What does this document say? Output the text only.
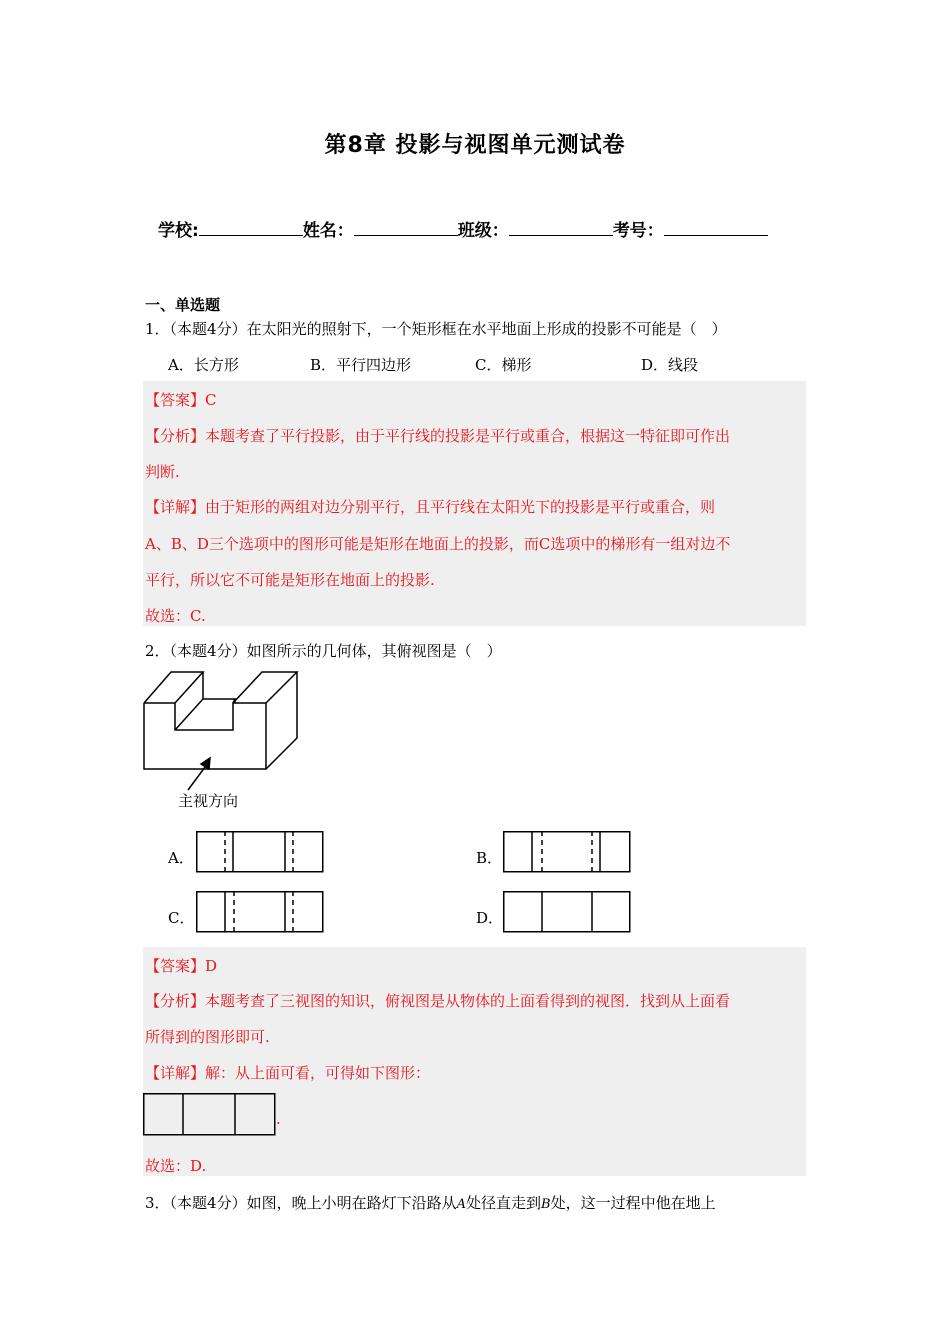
第8章 投影与视图单元测试卷
学校:	姓名：	班级：	考号：
一、单选题
1．（本题4分）在太阳光的照射下，一个矩形框在水平地面上形成的投影不可能是（　）
A．长方形	B．平行四边形	C．梯形	D．线段
【答案】C
【分析】本题考查了平行投影，由于平行线的投影是平行或重合，根据这一特征即可作出
判断.
【详解】由于矩形的两组对边分别平行，且平行线在太阳光下的投影是平行或重合，则
A、B、D三个选项中的图形可能是矩形在地面上的投影，而C选项中的梯形有一组对边不
平行，所以它不可能是矩形在地面上的投影.
故选：C.
2．（本题4分）如图所示的几何体，其俯视图是（　）
主视方向
A．	B．
C．	D．
【答案】D
【分析】本题考查了三视图的知识，俯视图是从物体的上面看得到的视图．找到从上面看
所得到的图形即可.
【详解】解：从上面可看，可得如下图形：
.
故选：D.
3．（本题4分）如图，晚上小明在路灯下沿路从A处径直走到B处，这一过程中他在地上
